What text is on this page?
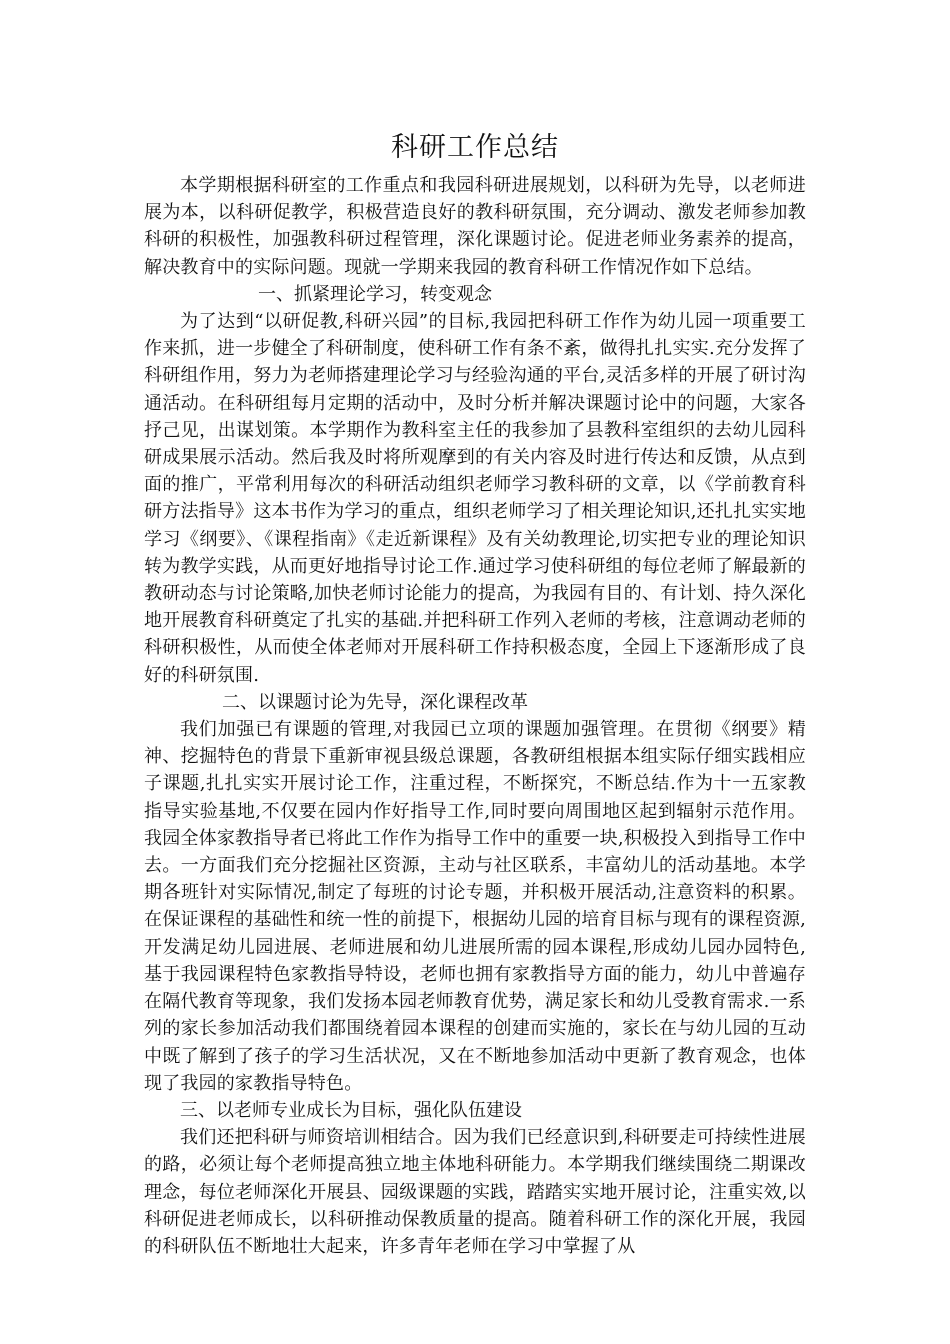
科研工作总结

本学期根据科研室的工作重点和我园科研进展规划，以科研为先导，以老师进展为本，以科研促教学，积极营造良好的教科研氛围，充分调动、激发老师参加教科研的积极性，加强教科研过程管理，深化课题讨论。促进老师业务素养的提高，解决教育中的实际问题。现就一学期来我园的教育科研工作情况作如下总结。

一、抓紧理论学习，转变观念

为了达到“以研促教,科研兴园”的目标,我园把科研工作作为幼儿园一项重要工作来抓，进一步健全了科研制度，使科研工作有条不紊，做得扎扎实实.充分发挥了科研组作用，努力为老师搭建理论学习与经验沟通的平台,灵活多样的开展了研讨沟通活动。在科研组每月定期的活动中，及时分析并解决课题讨论中的问题，大家各抒己见，出谋划策。本学期作为教科室主任的我参加了县教科室组织的去幼儿园科研成果展示活动。然后我及时将所观摩到的有关内容及时进行传达和反馈，从点到面的推广，平常利用每次的科研活动组织老师学习教科研的文章，以《学前教育科研方法指导》这本书作为学习的重点，组织老师学习了相关理论知识,还扎扎实实地学习《纲要》、《课程指南》《走近新课程》及有关幼教理论,切实把专业的理论知识转为教学实践，从而更好地指导讨论工作.通过学习使科研组的每位老师了解最新的教研动态与讨论策略,加快老师讨论能力的提高，为我园有目的、有计划、持久深化地开展教育科研奠定了扎实的基础.并把科研工作列入老师的考核，注意调动老师的科研积极性，从而使全体老师对开展科研工作持积极态度，全园上下逐渐形成了良好的科研氛围.

二、以课题讨论为先导，深化课程改革

我们加强已有课题的管理,对我园已立项的课题加强管理。在贯彻《纲要》精神、挖掘特色的背景下重新审视县级总课题，各教研组根据本组实际仔细实践相应子课题,扎扎实实开展讨论工作，注重过程，不断探究，不断总结.作为十一五家教指导实验基地,不仅要在园内作好指导工作,同时要向周围地区起到辐射示范作用。我园全体家教指导者已将此工作作为指导工作中的重要一块,积极投入到指导工作中去。一方面我们充分挖掘社区资源，主动与社区联系，丰富幼儿的活动基地。本学期各班针对实际情况,制定了每班的讨论专题，并积极开展活动,注意资料的积累。在保证课程的基础性和统一性的前提下，根据幼儿园的培育目标与现有的课程资源,开发满足幼儿园进展、老师进展和幼儿进展所需的园本课程,形成幼儿园办园特色,基于我园课程特色家教指导特设，老师也拥有家教指导方面的能力，幼儿中普遍存在隔代教育等现象，我们发扬本园老师教育优势，满足家长和幼儿受教育需求.一系列的家长参加活动我们都围绕着园本课程的创建而实施的，家长在与幼儿园的互动中既了解到了孩子的学习生活状况，又在不断地参加活动中更新了教育观念，也体现了我园的家教指导特色。

三、以老师专业成长为目标，强化队伍建设

我们还把科研与师资培训相结合。因为我们已经意识到,科研要走可持续性进展的路，必须让每个老师提高独立地主体地科研能力。本学期我们继续围绕二期课改理念，每位老师深化开展县、园级课题的实践，踏踏实实地开展讨论，注重实效,以科研促进老师成长，以科研推动保教质量的提高。随着科研工作的深化开展，我园的科研队伍不断地壮大起来，许多青年老师在学习中掌握了从
